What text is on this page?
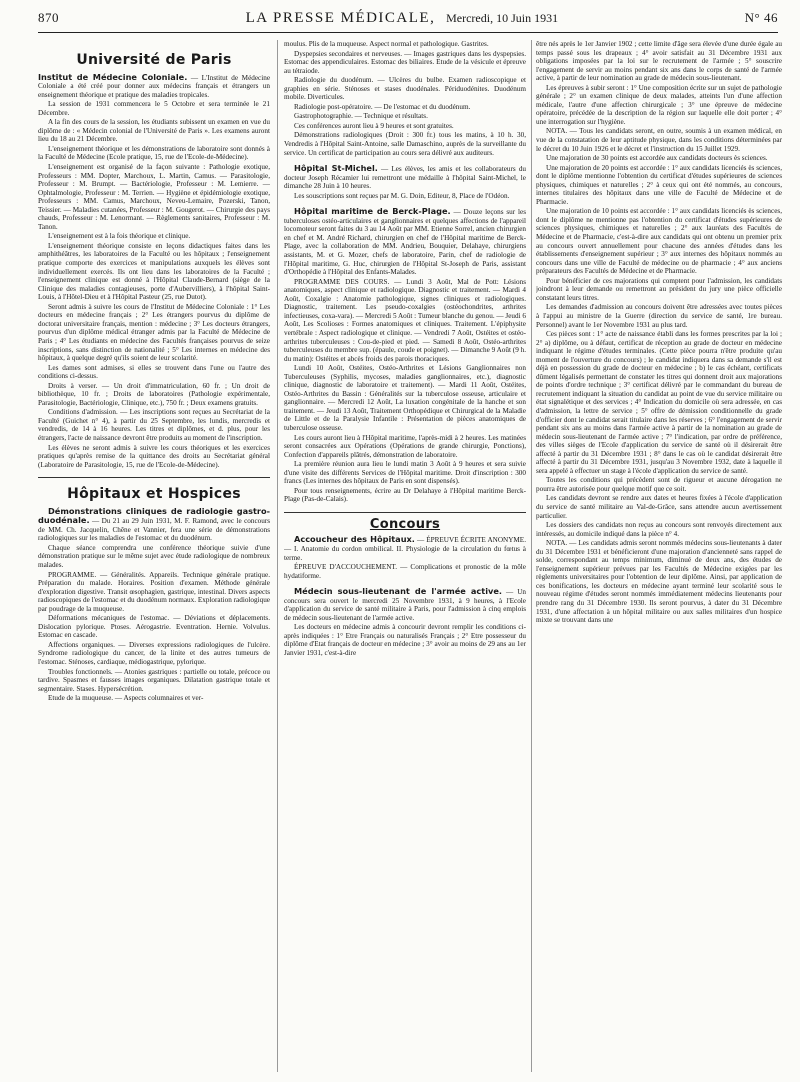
870	LA PRESSE MÉDICALE, Mercredi, 10 Juin 1931	N° 46
Université de Paris

Institut de Médecine Coloniale. — L'Institut de Médecine Coloniale a été créé pour donner aux médecins français et étrangers un enseignement théorique et pratique des maladies tropicales.

La session de 1931 commencera le 5 Octobre et sera terminée le 21 Décembre.

A la fin des cours de la session, les étudiants subissent un examen en vue du diplôme de : « Médecin colonial de l'Université de Paris ». Les examens auront lieu du 18 au 21 Décembre.

L'enseignement théorique et les démonstrations de laboratoire sont donnés à la Faculté de Médecine (Ecole pratique, 15, rue de l'Ecole-de-Médecine).

L'enseignement est organisé de la façon suivante : Pathologie exotique, Professeurs : MM. Dopter, Marchoux, L. Martin, Camus. — Parasitologie, Professeur : M. Brumpt. — Bactériologie, Professeur : M. Lemierre. — Ophtalmologie, Professeur : M. Terrien. — Hygiène et épidémiologie exotique, Professeurs : MM. Camus, Marchoux, Neveu-Lemaire, Pozerski, Tanon, Teissier. — Maladies cutanées, Professeur : M. Gougerot. — Chirurgie des pays chauds, Professeur : M. Lenormant. — Règlements sanitaires, Professeur : M. Tanon.

L'enseignement est à la fois théorique et clinique.

L'enseignement théorique consiste en leçons didactiques faites dans les amphithéâtres, les laboratoires de la Faculté ou les hôpitaux ; l'enseignement pratique comporte des exercices et manipulations auxquels les élèves sont individuellement exercés. Ils ont lieu dans les laboratoires de la Faculté ; l'enseignement clinique est donné à l'Hôpital Claude-Bernard (siège de la Clinique des maladies contagieuses, porte d'Aubervilliers), à l'hôpital Saint-Louis, à l'Hôtel-Dieu et à l'Hôpital Pasteur (25, rue Dutot).

Seront admis à suivre les cours de l'Institut de Médecine Coloniale : 1° Les docteurs en médecine français ; 2° Les étrangers pourvus du diplôme de doctorat universitaire français, mention : médecine ; 3° Les docteurs étrangers, pourvus d'un diplôme médical étranger admis par la Faculté de Médecine de Paris ; 4° Les étudiants en médecine des Facultés françaises pourvus de seize inscriptions, sans distinction de nationalité ; 5° Les internes en médecine des hôpitaux, à quelque degré qu'ils soient de leur scolarité.

Les dames sont admises, si elles se trouvent dans l'une ou l'autre des conditions ci-dessus.

Droits à verser. — Un droit d'immatriculation, 60 fr. ; Un droit de bibliothèque, 10 fr. ; Droits de laboratoires (Pathologie expérimentale, Parasitologie, Bactériologie, Clinique, etc.), 750 fr. ; Deux examens gratuits.

Conditions d'admission. — Les inscriptions sont reçues au Secrétariat de la Faculté (Guichet n° 4), à partir du 25 Septembre, les lundis, mercredis et vendredis, de 14 à 16 heures. Les titres et diplômes, et d. plus, pour les étrangers, l'acte de naissance devront être produits au moment de l'inscription.

Les élèves ne seront admis à suivre les cours théoriques et les exercices pratiques qu'après remise de la quittance des droits au Secrétariat général (Laboratoire de Parasitologie, 15, rue de l'Ecole-de-Médecine).

Hôpitaux et Hospices

Démonstrations cliniques de radiologie gastro-duodénale. — Du 21 au 29 Juin 1931, M. F. Ramond, avec le concours de MM. Ch. Jacquelin, Chêne et Vannier, fera une série de démonstrations radiologiques sur les maladies de l'estomac et du duodénum.

Chaque séance comprendra une conférence théorique suivie d'une démonstration pratique sur le même sujet avec étude radiologique de nombreux malades.

PROGRAMME. — Généralités. Appareils. Technique générale pratique. Préparation du malade. Horaires. Position d'examen. Méthode générale d'exploration digestive. Transit œsophagien, gastrique, intestinal. Divers aspects radioscopiques de l'estomac et du duodénum normaux. Exploration radiologique par poudrage de la muqueuse.

Déformations mécaniques de l'estomac. — Déviations et déplacements. Dislocation pylorique. Ptoses. Aérogastrie. Eventration. Hernie. Volvulus. Estomac en cascade.

Affections organiques. — Diverses expressions radiologiques de l'ulcère. Syndrome radiologique du cancer, de la linite et des autres tumeurs de l'estomac. Sténoses, cardiaque, médiogastrique, pylorique.

Troubles fonctionnels. — Atonies gastriques : partielle ou totale, précoce ou tardive. Spasmes et fausses images organiques. Dilatation gastrique totale et segmentaire. Stases. Hypersécrétion.

Etude de la muqueuse. — Aspects columnaires et ver-

moulus. Plis de la muqueuse. Aspect normal et pathologique. Gastrites.

Dyspepsies secondaires et nerveuses. — Images gastriques dans les dyspepsies. Estomac des appendiculaires. Estomac des biliaires. Etude de la vésicule et épreuve au tétraiode.

Radiologie du duodénum. — Ulcères du bulbe. Examen radioscopique et graphies en série. Sténoses et stases duodénales. Périduodénites. Duodénum mobile. Diverticules.

Radiologie post-opératoire. — De l'estomac et du duodénum.

Gastrophotographie. — Technique et résultats.

Ces conférences auront lieu à 9 heures et sont gratuites.

Démonstrations radiologiques (Droit : 300 fr.) tous les matins, à 10 h. 30, Vendredis à l'Hôpital Saint-Antoine, salle Damaschino, auprès de la surveillante du service. Un certificat de participation au cours sera délivré aux auditeurs.

Hôpital St-Michel. — Les élèves, les amis et les collaborateurs du docteur Joseph Récamier lui remettront une médaille à l'hôpital Saint-Michel, le dimanche 28 Juin à 10 heures.

Les souscriptions sont reçues par M. G. Doin, Editeur, 8, Place de l'Odéon.

Hôpital maritime de Berck-Plage. — Douze leçons sur les tuberculoses ostéo-articulaires et ganglionnaires et quelques affections de l'appareil locomoteur seront faites du 3 au 14 Août par MM. Etienne Sorrel, ancien chirurgien en chef et M. André Richard, chirurgien en chef de l'Hôpital maritime de Berck-Plage, avec la collaboration de MM. Andrieu, Bouquier, Delahaye, chirurgiens assistants, M. et G. Mozer, chefs de laboratoire, Parin, chef de radiologie de l'Hôpital maritime, G. Huc, chirurgien de l'Hôpital St-Joseph de Paris, assistant d'Orthopédie à l'Hôpital des Enfants-Malades.

PROGRAMME DES COURS. — Lundi 3 Août, Mal de Pott: Lésions anatomiques, aspect clinique et radiologique. Diagnostic et traitement. — Mardi 4 Août, Coxalgie : Anatomie pathologique, signes cliniques et radiologiques. Diagnostic, traitement. Les pseudo-coxalgies (ostéochondrites, arthrites infectieuses, coxa-vara). — Mercredi 5 Août : Tumeur blanche du genou. — Jeudi 6 Août, Les Scolioses : Formes anatomiques et cliniques. Traitement. L'épiphysite vertébrale : Aspect radiologique et clinique. — Vendredi 7 Août, Ostéites et ostéo-arthrites tuberculeuses : Cou-de-pied et pied. — Samedi 8 Août, Ostéo-arthrites tuberculeuses du membre sup. (épaule, coude et poignet). — Dimanche 9 Août (9 h. du matin): Ostéites et abcès froids des parois thoraciques.

Lundi 10 Août, Ostéites, Ostéo-Arthrites et Lésions Ganglionnaires non Tuberculeuses (Syphilis, mycoses, maladies ganglionnaires, etc.), diagnostic clinique, diagnostic de laboratoire et traitement). — Mardi 11 Août, Ostéites, Ostéo-Arthrites du Bassin : Généralités sur la tuberculose osseuse, articulaire et ganglionnaire. — Mercredi 12 Août, La luxation congénitale de la hanche et son traitement. — Jeudi 13 Août, Traitement Orthopédique et Chirurgical de la Maladie de Little et de la Paralysie Infantile : Présentation de pièces anatomiques de tuberculose osseuse.

Les cours auront lieu à l'Hôpital maritime, l'après-midi à 2 heures. Les matinées seront consacrées aux Opérations (Opérations de grande chirurgie, Ponctions), Confection d'appareils plâtrés, démonstration de laboratoire.

La première réunion aura lieu le lundi matin 3 Août à 9 heures et sera suivie d'une visite des différents Services de l'Hôpital maritime. Droit d'inscription : 300 francs (Les internes des hôpitaux de Paris en sont dispensés).

Pour tous renseignements, écrire au Dr Delahaye à l'Hôpital maritime Berck-Plage (Pas-de-Calais).

Concours

Accoucheur des Hôpitaux. — ÉPREUVE ÉCRITE ANONYME. — I. Anatomie du cordon ombilical. II. Physiologie de la circulation du fœtus à terme.

ÉPREUVE D'ACCOUCHEMENT. — Complications et pronostic de la môle hydatiforme.

Médecin sous-lieutenant de l'armée active. — Un concours sera ouvert le mercredi 25 Novembre 1931, à 9 heures, à l'Ecole d'application du service de santé militaire à Paris, pour l'admission à cinq emplois de médecin sous-lieutenant de l'armée active.

Les docteurs en médecine admis à concourir devront remplir les conditions ci-après indiquées : 1° Etre Français ou naturalisés Français ; 2° Etre possesseur du diplôme d'Etat français de docteur en médecine ; 3° avoir au moins de 29 ans au 1er Janvier 1931, c'est-à-dire

être nés après le 1er Janvier 1902 ; cette limite d'âge sera élevée d'une durée égale au temps passé sous les drapeaux ; 4° avoir satisfait au 31 Décembre 1931 aux obligations imposées par la loi sur le recrutement de l'armée ; 5° souscrire l'engagement de servir au moins pendant six ans dans le corps de santé de l'armée active, à partir de leur nomination au grade de médecin sous-lieutenant.

Les épreuves à subir seront : 1° Une composition écrite sur un sujet de pathologie générale ; 2° un examen clinique de deux malades, atteints l'un d'une affection médicale, l'autre d'une affection chirurgicale ; 3° une épreuve de médecine opératoire, précédée de la description de la région sur laquelle elle doit porter ; 4° une interrogation sur l'hygiène.

NOTA. — Tous les candidats seront, en outre, soumis à un examen médical, en vue de la constatation de leur aptitude physique, dans les conditions déterminées par le décret du 10 Juin 1926 et le décret et l'instruction du 15 Juillet 1929.

Une majoration de 30 points est accordée aux candidats docteurs ès sciences.

Une majoration de 20 points est accordée : 1° aux candidats licenciés ès sciences, dont le diplôme mentionne l'obtention du certificat d'études supérieures de sciences physiques, chimiques et naturelles ; 2° à ceux qui ont été nommés, au concours, internes titulaires des hôpitaux dans une ville de Faculté de Médecine et de Pharmacie.

Une majoration de 10 points est accordée : 1° aux candidats licenciés ès sciences, dont le diplôme ne mentionne pas l'obtention du certificat d'études supérieures de sciences physiques, chimiques et naturelles ; 2° aux lauréats des Facultés de Médecine et de Pharmacie, c'est-à-dire aux candidats qui ont obtenu un premier prix au concours ouvert annuellement pour chacune des années d'études dans les établissements d'enseignement supérieur ; 3° aux internes des hôpitaux nommés au concours dans une ville de Faculté de médecine ou de pharmacie ; 4° aux anciens préparateurs des Facultés de Médecine et de Pharmacie.

Pour bénéficier de ces majorations qui comptent pour l'admission, les candidats joindront à leur demande ou remettront au président du jury une pièce officielle constatant leurs titres.

Les demandes d'admission au concours doivent être adressées avec toutes pièces à l'appui au ministre de la Guerre (direction du service de santé, 1re bureau. Personnel) avant le 1er Novembre 1931 au plus tard.

Ces pièces sont : 1° acte de naissance établi dans les formes prescrites par la loi ; 2° a) diplôme, ou à défaut, certificat de réception au grade de docteur en médecine indiquant le régime d'études terminales. (Cette pièce pourra n'être produite qu'au moment de l'ouverture du concours) ; le candidat indiquera dans sa demande s'il est déjà en possession du grade de docteur en médecine ; b) le cas échéant, certificats dûment légalisés permettant de constater les titres qui donnent droit aux majorations de points d'ordre technique ; 3° certificat délivré par le commandant du bureau de recrutement indiquant la situation du candidat au point de vue du service militaire ou état signalétique et des services ; 4° Indication du domicile où sera adressée, en cas d'admission, la lettre de service ; 5° offre de démission conditionnelle du grade d'officier dont le candidat serait titulaire dans les réserves ; 6° l'engagement de servir pendant six ans au moins dans l'armée active à partir de la nomination au grade de médecin sous-lieutenant de l'armée active ; 7° l'indication, par ordre de préférence, des villes sièges de l'Ecole d'application du service de santé où il désirerait être affecté à partir du 31 Décembre 1931 ; 8° dans le cas où le candidat désirerait être affecté à partir du 31 Décembre 1931, jusqu'au 3 Novembre 1932, date à laquelle il sera appelé à effectuer un stage à l'école d'application du service de santé.

Toutes les conditions qui précèdent sont de rigueur et aucune dérogation ne pourra être autorisée pour quelque motif que ce soit.

Les candidats devront se rendre aux dates et heures fixées à l'école d'application du service de santé militaire au Val-de-Grâce, sans attendre aucun avertissement particulier.

Les dossiers des candidats non reçus au concours sont renvoyés directement aux intéressés, au domicile indiqué dans la pièce n° 4.

NOTA. — Les candidats admis seront nommés médecins sous-lieutenants à dater du 31 Décembre 1931 et bénéficieront d'une majoration d'ancienneté sans rappel de solde, correspondant au temps minimum, diminué de deux ans, des études de l'enseignement supérieur prévues par les Facultés de Médecine exigées par les règlements universitaires pour l'obtention de leur diplôme. Ainsi, par application de ces bonifications, les docteurs en médecine ayant terminé leur scolarité sous le nouveau régime d'études seront nommés immédiatement médecins lieutenants pour prendre rang du 31 Décembre 1930. Ils seront pourvus, à dater du 31 Décembre 1931, d'une affectation à un hôpital militaire ou aux salles militaires d'un hospice mixte se trouvant dans une
